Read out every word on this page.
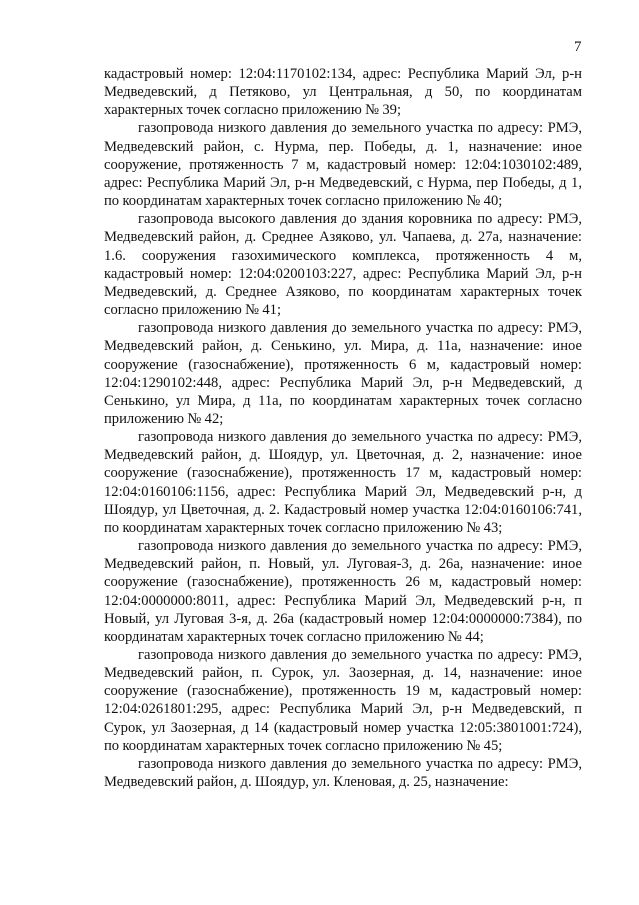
7

кадастровый номер: 12:04:1170102:134, адрес: Республика Марий Эл, р-н Медведевский, д Петяково, ул Центральная, д 50, по координатам характерных точек согласно приложению № 39;

газопровода низкого давления до земельного участка по адресу: РМЭ, Медведевский район, с. Нурма, пер. Победы, д. 1, назначение: иное сооружение, протяженность 7 м, кадастровый номер: 12:04:1030102:489, адрес: Республика Марий Эл, р-н Медведевский, с Нурма, пер Победы, д 1, по координатам характерных точек согласно приложению № 40;

газопровода высокого давления до здания коровника по адресу: РМЭ, Медведевский район, д. Среднее Азяково, ул. Чапаева, д. 27а, назначение: 1.6. сооружения газохимического комплекса, протяженность 4 м, кадастровый номер: 12:04:0200103:227, адрес: Республика Марий Эл, р-н Медведевский, д. Среднее Азяково, по координатам характерных точек согласно приложению № 41;

газопровода низкого давления до земельного участка по адресу: РМЭ, Медведевский район, д. Сенькино, ул. Мира, д. 11а, назначение: иное сооружение (газоснабжение), протяженность 6 м, кадастровый номер: 12:04:1290102:448, адрес: Республика Марий Эл, р-н Медведевский, д Сенькино, ул Мира, д 11а, по координатам характерных точек согласно приложению № 42;

газопровода низкого давления до земельного участка по адресу: РМЭ, Медведевский район, д. Шоядур, ул. Цветочная, д. 2, назначение: иное сооружение (газоснабжение), протяженность 17 м, кадастровый номер: 12:04:0160106:1156, адрес: Республика Марий Эл, Медведевский р-н, д Шоядур, ул Цветочная, д. 2. Кадастровый номер участка 12:04:0160106:741, по координатам характерных точек согласно приложению № 43;

газопровода низкого давления до земельного участка по адресу: РМЭ, Медведевский район, п. Новый, ул. Луговая-3, д. 26а, назначение: иное сооружение (газоснабжение), протяженность 26 м, кадастровый номер: 12:04:0000000:8011, адрес: Республика Марий Эл, Медведевский р-н, п Новый, ул Луговая 3-я, д. 26а (кадастровый номер 12:04:0000000:7384), по координатам характерных точек согласно приложению № 44;

газопровода низкого давления до земельного участка по адресу: РМЭ, Медведевский район, п. Сурок, ул. Заозерная, д. 14, назначение: иное сооружение (газоснабжение), протяженность 19 м, кадастровый номер: 12:04:0261801:295, адрес: Республика Марий Эл, р-н Медведевский, п Сурок, ул Заозерная, д 14 (кадастровый номер участка 12:05:3801001:724), по координатам характерных точек согласно приложению № 45;

газопровода низкого давления до земельного участка по адресу: РМЭ, Медведевский район, д. Шоядур, ул. Кленовая, д. 25, назначение:
